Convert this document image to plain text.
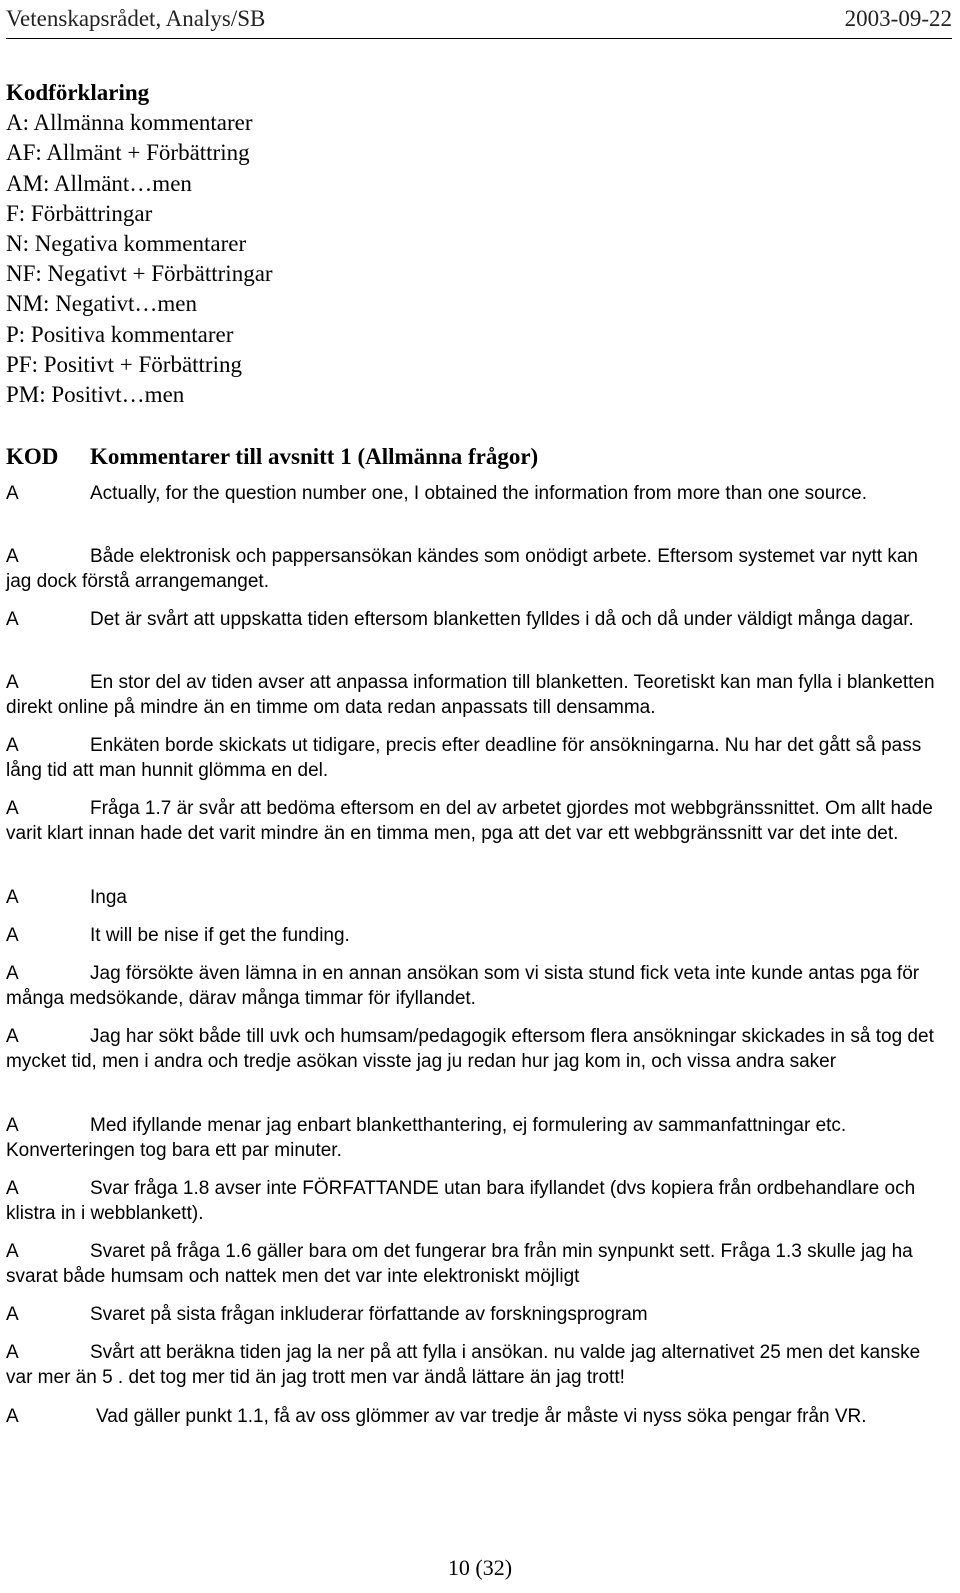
Vetenskapsrådet, Analys/SB	2003-09-22
Kodförklaring
A: Allmänna kommentarer
AF: Allmänt + Förbättring
AM: Allmänt…men
F: Förbättringar
N: Negativa kommentarer
NF: Negativt + Förbättringar
NM: Negativt…men
P: Positiva kommentarer
PF: Positivt + Förbättring
PM: Positivt…men
KOD	Kommentarer till avsnitt 1 (Allmänna frågor)
A	Actually, for the question number one, I obtained the information from more than one source.
A	Både elektronisk och pappersansökan kändes som onödigt arbete. Eftersom systemet var nytt kan jag dock förstå arrangemanget.
A	Det är svårt att uppskatta tiden eftersom blanketten fylldes i då och då under väldigt många dagar.
A	En stor del av tiden avser att anpassa information till blanketten. Teoretiskt kan man fylla i blanketten direkt online på mindre än en timme om data redan anpassats till densamma.
A	Enkäten borde skickats ut tidigare, precis efter deadline för ansökningarna. Nu har det gått så pass lång tid att man hunnit glömma en del.
A	Fråga 1.7 är svår att bedöma eftersom en del av arbetet gjordes mot webbgränssnittet. Om allt hade varit klart innan hade det varit mindre än en timma men, pga att det var ett webbgränssnitt var det inte det.
A	Inga
A	It will be nise if get the funding.
A	Jag försökte även lämna in en annan ansökan som vi sista stund fick veta inte kunde antas pga för många medsökande, därav många timmar för ifyllandet.
A	Jag har sökt både till uvk och humsam/pedagogik eftersom flera ansökningar skickades in så tog det mycket tid, men i andra och tredje asökan visste jag ju redan hur jag kom in, och vissa andra saker
A	Med ifyllande menar jag enbart blanketthantering, ej formulering av sammanfattningar etc. Konverteringen tog bara ett par minuter.
A	Svar fråga 1.8 avser inte FÖRFATTANDE utan bara ifyllandet (dvs kopiera från ordbehandlare och klistra in i webblankett).
A	Svaret på fråga 1.6 gäller bara om det fungerar bra från min synpunkt sett. Fråga 1.3 skulle jag ha svarat både humsam och nattek men det var inte elektroniskt möjligt
A	Svaret på sista frågan inkluderar författande av forskningsprogram
A	Svårt att beräkna tiden jag la ner på att fylla i ansökan. nu valde jag alternativet 25 men det kanske var mer än 5 . det tog mer tid än jag trott men var ändå lättare än jag trott!
A	Vad gäller punkt 1.1, få av oss glömmer av var tredje år måste vi nyss söka pengar från VR.
10 (32)
